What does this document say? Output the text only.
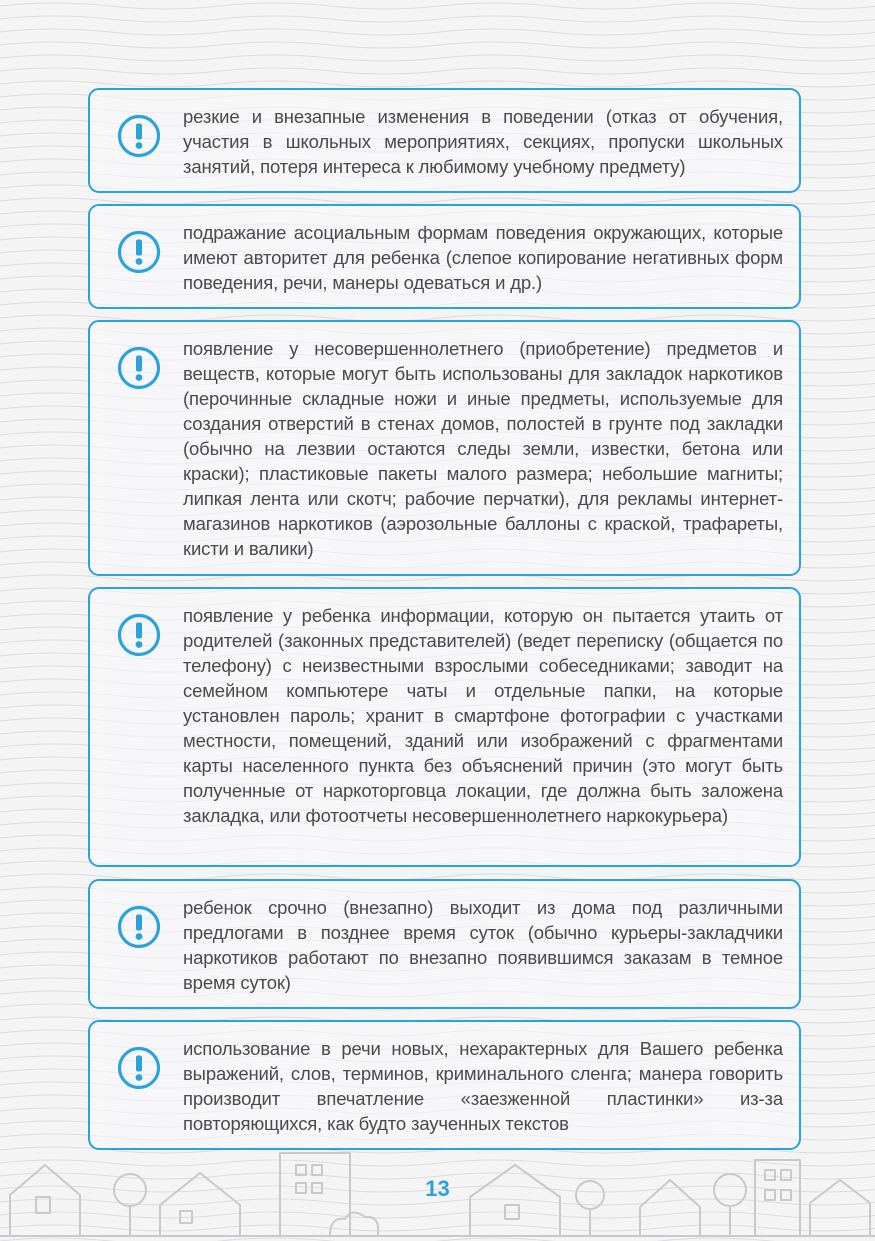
резкие и внезапные изменения в поведении (отказ от обучения, участия в школьных мероприятиях, секциях, пропуски школьных занятий, потеря интереса к любимому учебному предмету)
подражание асоциальным формам поведения окружающих, которые имеют авторитет для ребенка (слепое копирование негативных форм поведения, речи, манеры одеваться и др.)
появление у несовершеннолетнего (приобретение) предметов и веществ, которые могут быть использованы для закладок наркотиков (перочинные складные ножи и иные предметы, используемые для создания отверстий в стенах домов, полостей в грунте под закладки (обычно на лезвии остаются следы земли, известки, бетона или краски); пластиковые пакеты малого размера; небольшие магниты; липкая лента или скотч; рабочие перчатки), для рекламы интернет-магазинов наркотиков (аэрозольные баллоны с краской, трафареты, кисти и валики)
появление у ребенка информации, которую он пытается утаить от родителей (законных представителей) (ведет переписку (общается по телефону) с неизвестными взрослыми собеседниками; заводит на семейном компьютере чаты и отдельные папки, на которые установлен пароль; хранит в смартфоне фотографии с участками местности, помещений, зданий или изображений с фрагментами карты населенного пункта без объяснений причин (это могут быть полученные от наркоторговца локации, где должна быть заложена закладка, или фотоотчеты несовершеннолетнего наркокурьера)
ребенок срочно (внезапно) выходит из дома под различными предлогами в позднее время суток (обычно курьеры-закладчики наркотиков работают по внезапно появившимся заказам в темное время суток)
использование в речи новых, нехарактерных для Вашего ребенка выражений, слов, терминов, криминального сленга; манера говорить производит впечатление «заезженной пластинки» из-за повторяющихся, как будто заученных текстов
13
